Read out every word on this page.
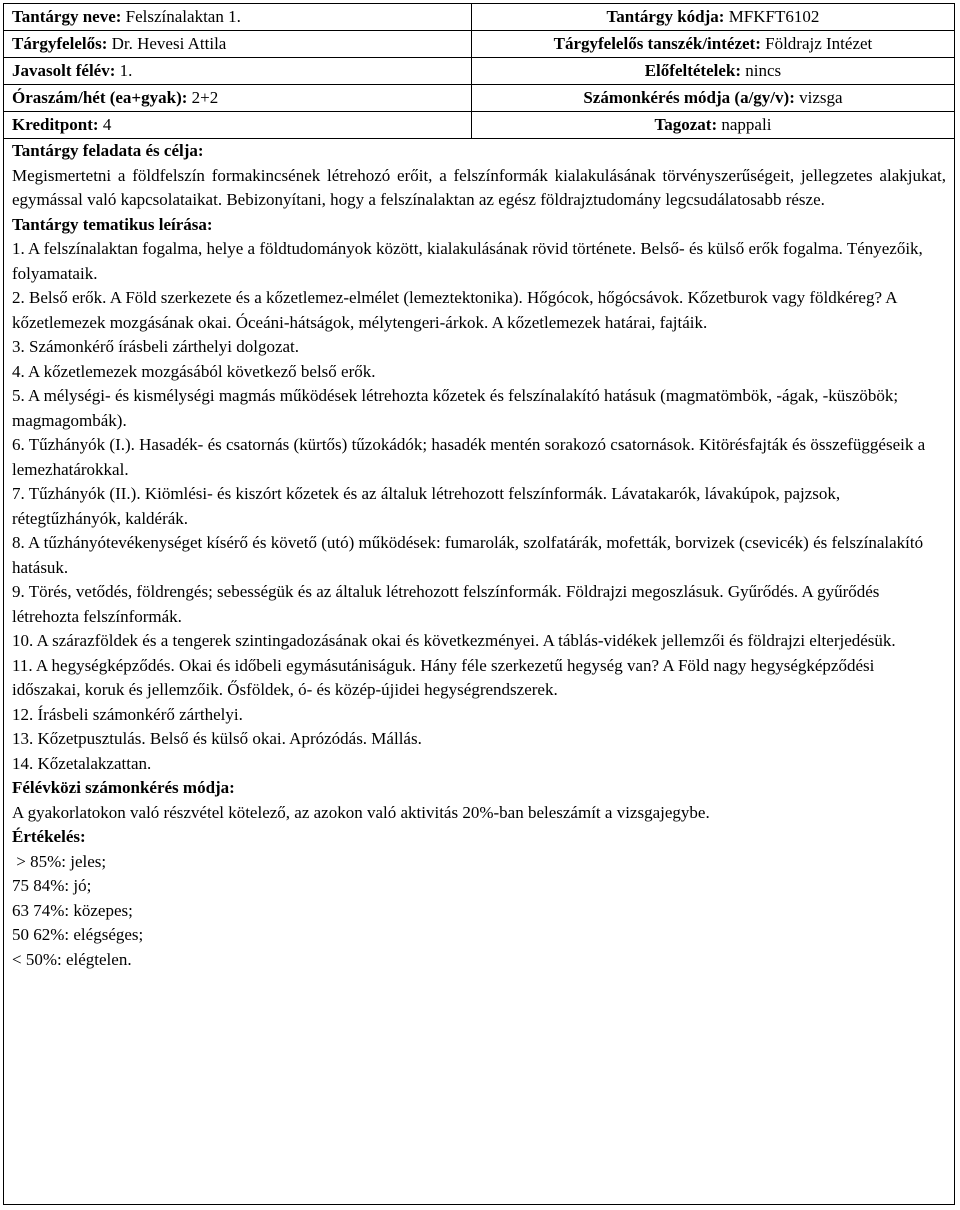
Tantárgy neve: Felszínalaktan 1.	Tantárgy kódja: MFKFT6102
Tárgyfelelős: Dr. Hevesi Attila	Tárgyfelelős tanszék/intézet: Földrajz Intézet
Javasolt félév: 1.	Előfeltételek: nincs
Óraszám/hét (ea+gyak): 2+2	Számonkérés módja (a/gy/v): vizsga
Kreditpont: 4	Tagozat: nappali
Tantárgy feladata és célja:
Megismertetni a földfelszín formakincsének létrehozó erőit, a felszínformák kialakulásának törvényszerűségeit, jellegzetes alakjukat, egymással való kapcsolataikat. Bebizonyítani, hogy a felszínalaktan az egész földrajztudomány legcsudálatosabb része.
Tantárgy tematikus leírása:

1. A felszínalaktan fogalma, helye a földtudományok között, kialakulásának rövid története. Belső- és külső erők fogalma. Tényezőik, folyamataik.

2. Belső erők. A Föld szerkezete és a kőzetlemez-elmélet (lemeztektonika). Hőgócok, hőgócsávok. Kőzetburok vagy földkéreg? A kőzetlemezek mozgásának okai. Óceáni-hátságok, mélytengeri-árkok. A kőzetlemezek határai, fajtáik.

3. Számonkérő írásbeli zárthelyi dolgozat.

4. A kőzetlemezek mozgásából következő belső erők.

5. A mélységi- és kismélységi magmás működések létrehozta kőzetek és felszínalakító hatásuk (magmatömbök, -ágak, -küszöbök; magmagombák).

6. Tűzhányók (I.). Hasadék- és csatornás (kürtős) tűzokádók; hasadék mentén sorakozó csatornások. Kitörésfajták és összefüggéseik a lemezhatárokkal.

7. Tűzhányók (II.). Kiömlési- és kiszórt kőzetek és az általuk létrehozott felszínformák. Lávatakarók, lávakúpok, pajzsok, rétegtűzhányók, kaldérák.

8. A tűzhányótevékenységet kísérő és követő (utó) működések: fumarolák, szolfatárák, mofetták, borvizek (csevicék) és felszínalakító hatásuk.

9. Törés, vetődés, földrengés; sebességük és az általuk létrehozott felszínformák. Földrajzi megoszlásuk. Gyűrődés. A gyűrődés létrehozta felszínformák.

10. A szárazföldek és a tengerek szintingadozásának okai és következményei. A táblás-vidékek jellemzői és földrajzi elterjedésük.

11. A hegységképződés. Okai és időbeli egymásutániságuk. Hány féle szerkezetű hegység van? A Föld nagy hegységképződési időszakai, koruk és jellemzőik. Ősföldek, ó- és közép-újidei hegységrendszerek.

12. Írásbeli számonkérő zárthelyi.

13. Kőzetpusztulás. Belső és külső okai. Aprózódás. Mállás.

14. Kőzetalakzattan.

Félévközi számonkérés módja:
A gyakorlatokon való részvétel kötelező, az azokon való aktivitás 20%-ban beleszámít a vizsgajegybe.
Értékelés:

> 85%: jeles;

75 84%: jó;

63 74%: közepes;

50 62%: elégséges;

< 50%: elégtelen.
